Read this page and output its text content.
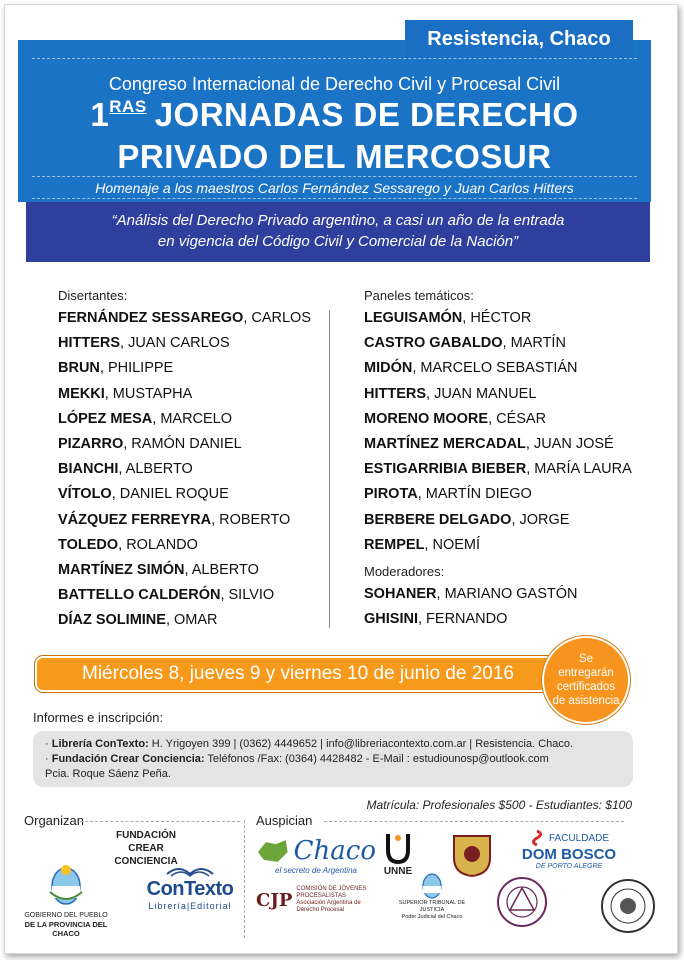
Congreso Internacional de Derecho Civil y Procesal Civil
$1^{RAS}$ JORNADAS DE DERECHO
PRIVADO DEL MERCOSUR
Homenaje a los maestros Carlos Fernández Sessarego y Juan Carlos Hitters
Resistencia, Chaco
“Análisis del Derecho Privado argentino, a casi un año de la entrada
en vigencia del Código Civil y Comercial de la Nación”
Disertantes:
FERNÁNDEZ SESSAREGO, CARLOS
HITTERS, JUAN CARLOS
BRUN, PHILIPPE
MEKKI, MUSTAPHA
LÓPEZ MESA, MARCELO
PIZARRO, RAMÓN DANIEL
BIANCHI, ALBERTO
VÍTOLO, DANIEL ROQUE
VÁZQUEZ FERREYRA, ROBERTO
TOLEDO, ROLANDO
MARTÍNEZ SIMÓN, ALBERTO
BATTELLO CALDERÓN, SILVIO
DÍAZ SOLIMINE, OMAR
Paneles temáticos:
LEGUISAMÓN, HÉCTOR
CASTRO GABALDO, MARTÍN
MIDÓN, MARCELO SEBASTIÁN
HITTERS, JUAN MANUEL
MORENO MOORE, CÉSAR
MARTÍNEZ MERCADAL, JUAN JOSÉ
ESTIGARRIBIA BIEBER, MARÍA LAURA
PIROTA, MARTÍN DIEGO
BERBERE DELGADO, JORGE
REMPEL, NOEMÍ
Moderadores:
SOHANER, MARIANO GASTÓN
GHISINI, FERNANDO
Miércoles 8, jueves 9 y viernes 10 de junio de 2016
Se entregarán certificados de asistencia
Informes e inscripción:
· Librería ConTexto: H. Yrigoyen 399 | (0362) 4449652 | info@libreriacontexto.com.ar | Resistencia. Chaco.
· Fundación Crear Conciencia: Teléfonos /Fax: (0364) 4428482 - E-Mail : estudiounosp@outlook.com
Pcia. Roque Sáenz Peña.
Matrícula: Profesionales $500 - Estudiantes: $100
Organizan	Auspician
FUNDACIÓN
CREAR CONCIENCIA
GOBIERNO DEL PUEBLO
DE LA PROVINCIA DEL CHACO
ConTexto
Librería|Editorial
Chaco
el secreto de Argentina	UNNE
CJP
COMISIÓN DE JÓVENES PROCESALISTAS
Asociación Argentina de Derecho Procesal
SUPERIOR TRIBUNAL DE JUSTICIA
Poder Judicial del Chaco
FACULDADE
DOM BOSCO
DE PORTO ALEGRE
